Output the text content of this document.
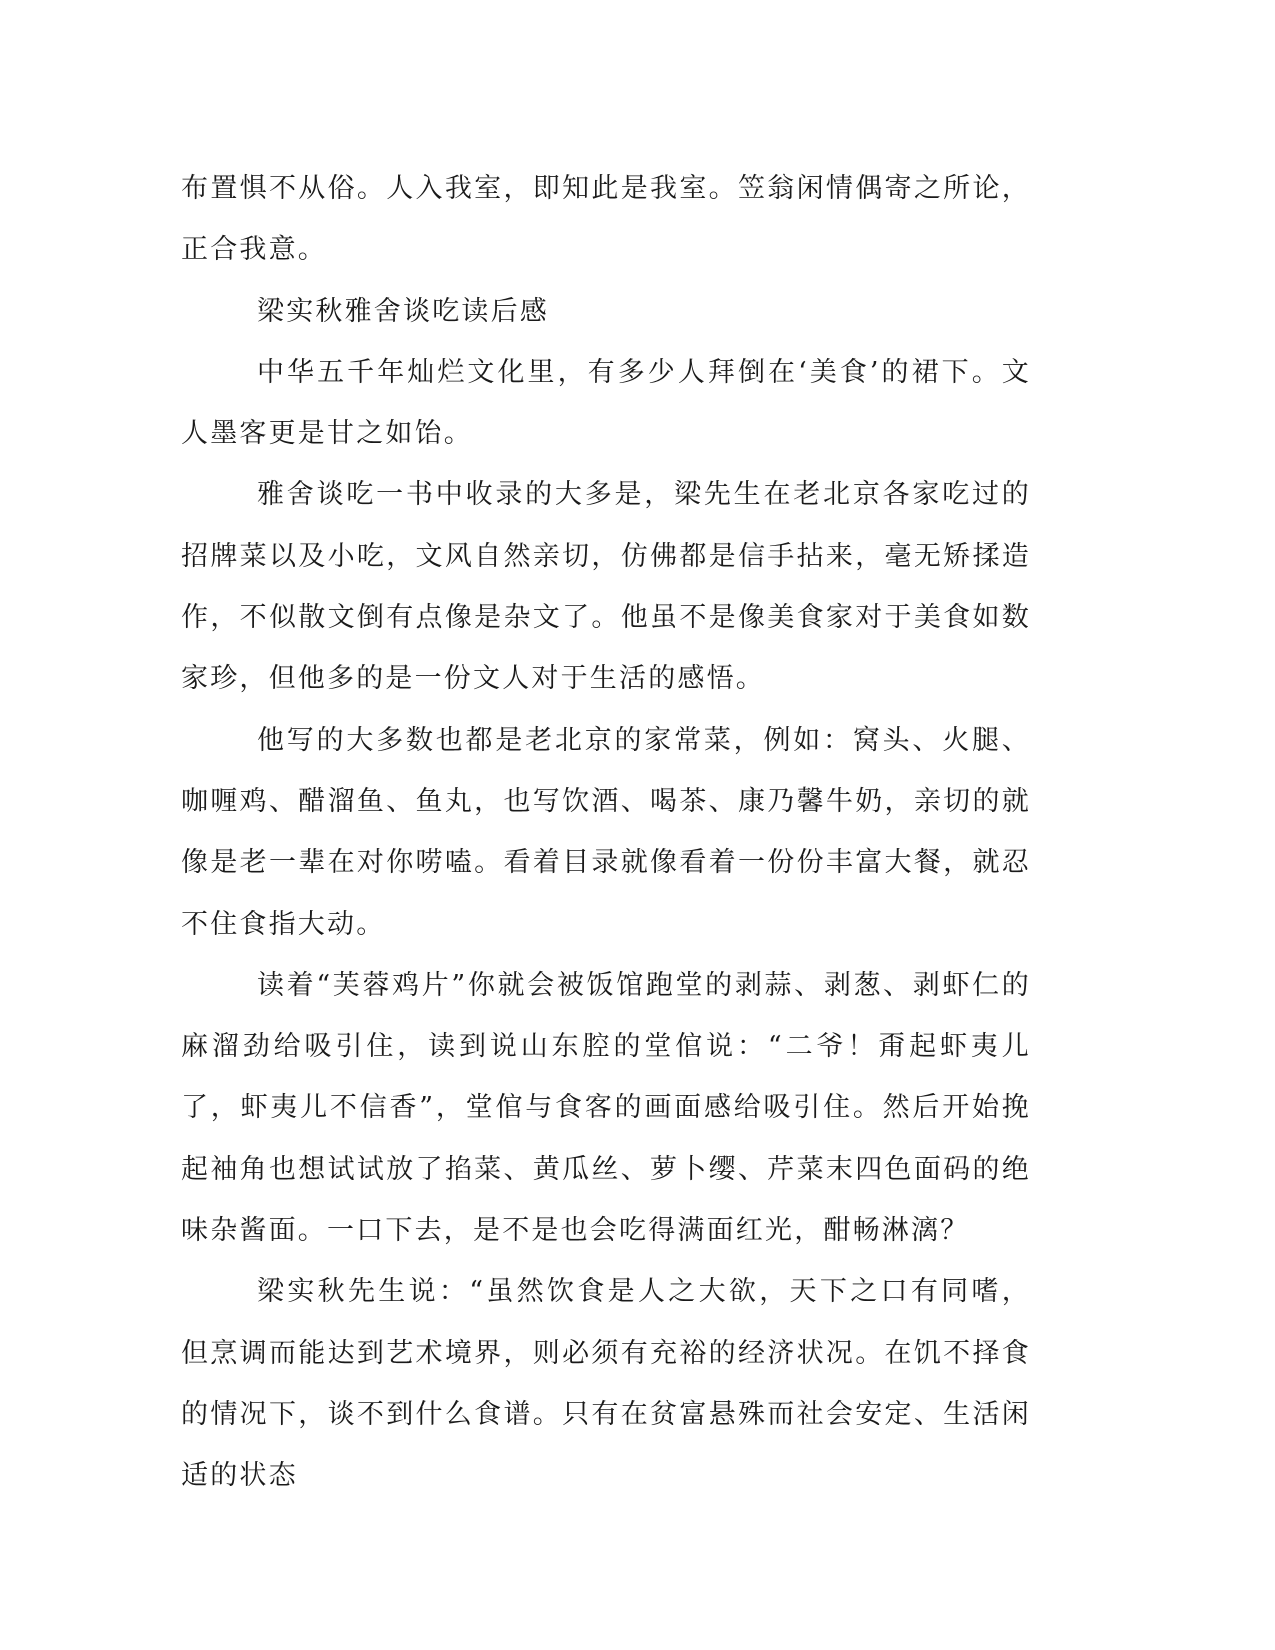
布置惧不从俗。人入我室，即知此是我室。笠翁闲情偶寄之所论，正合我意。

梁实秋雅舍谈吃读后感

中华五千年灿烂文化里，有多少人拜倒在‘美食’的裙下。文人墨客更是甘之如饴。

雅舍谈吃一书中收录的大多是，梁先生在老北京各家吃过的招牌菜以及小吃，文风自然亲切，仿佛都是信手拈来，毫无矫揉造作，不似散文倒有点像是杂文了。他虽不是像美食家对于美食如数家珍，但他多的是一份文人对于生活的感悟。

他写的大多数也都是老北京的家常菜，例如：窝头、火腿、咖喱鸡、醋溜鱼、鱼丸，也写饮酒、喝茶、康乃馨牛奶，亲切的就像是老一辈在对你唠嗑。看着目录就像看着一份份丰富大餐，就忍不住食指大动。

读着“芙蓉鸡片”你就会被饭馆跑堂的剥蒜、剥葱、剥虾仁的麻溜劲给吸引住，读到说山东腔的堂倌说：“二爷！甭起虾夷儿了，虾夷儿不信香”，堂倌与食客的画面感给吸引住。然后开始挽起袖角也想试试放了掐菜、黄瓜丝、萝卜缨、芹菜末四色面码的绝味杂酱面。一口下去，是不是也会吃得满面红光，酣畅淋漓？

梁实秋先生说：“虽然饮食是人之大欲，天下之口有同嗜，但烹调而能达到艺术境界，则必须有充裕的经济状况。在饥不择食的情况下，谈不到什么食谱。只有在贫富悬殊而社会安定、生活闲适的状态
